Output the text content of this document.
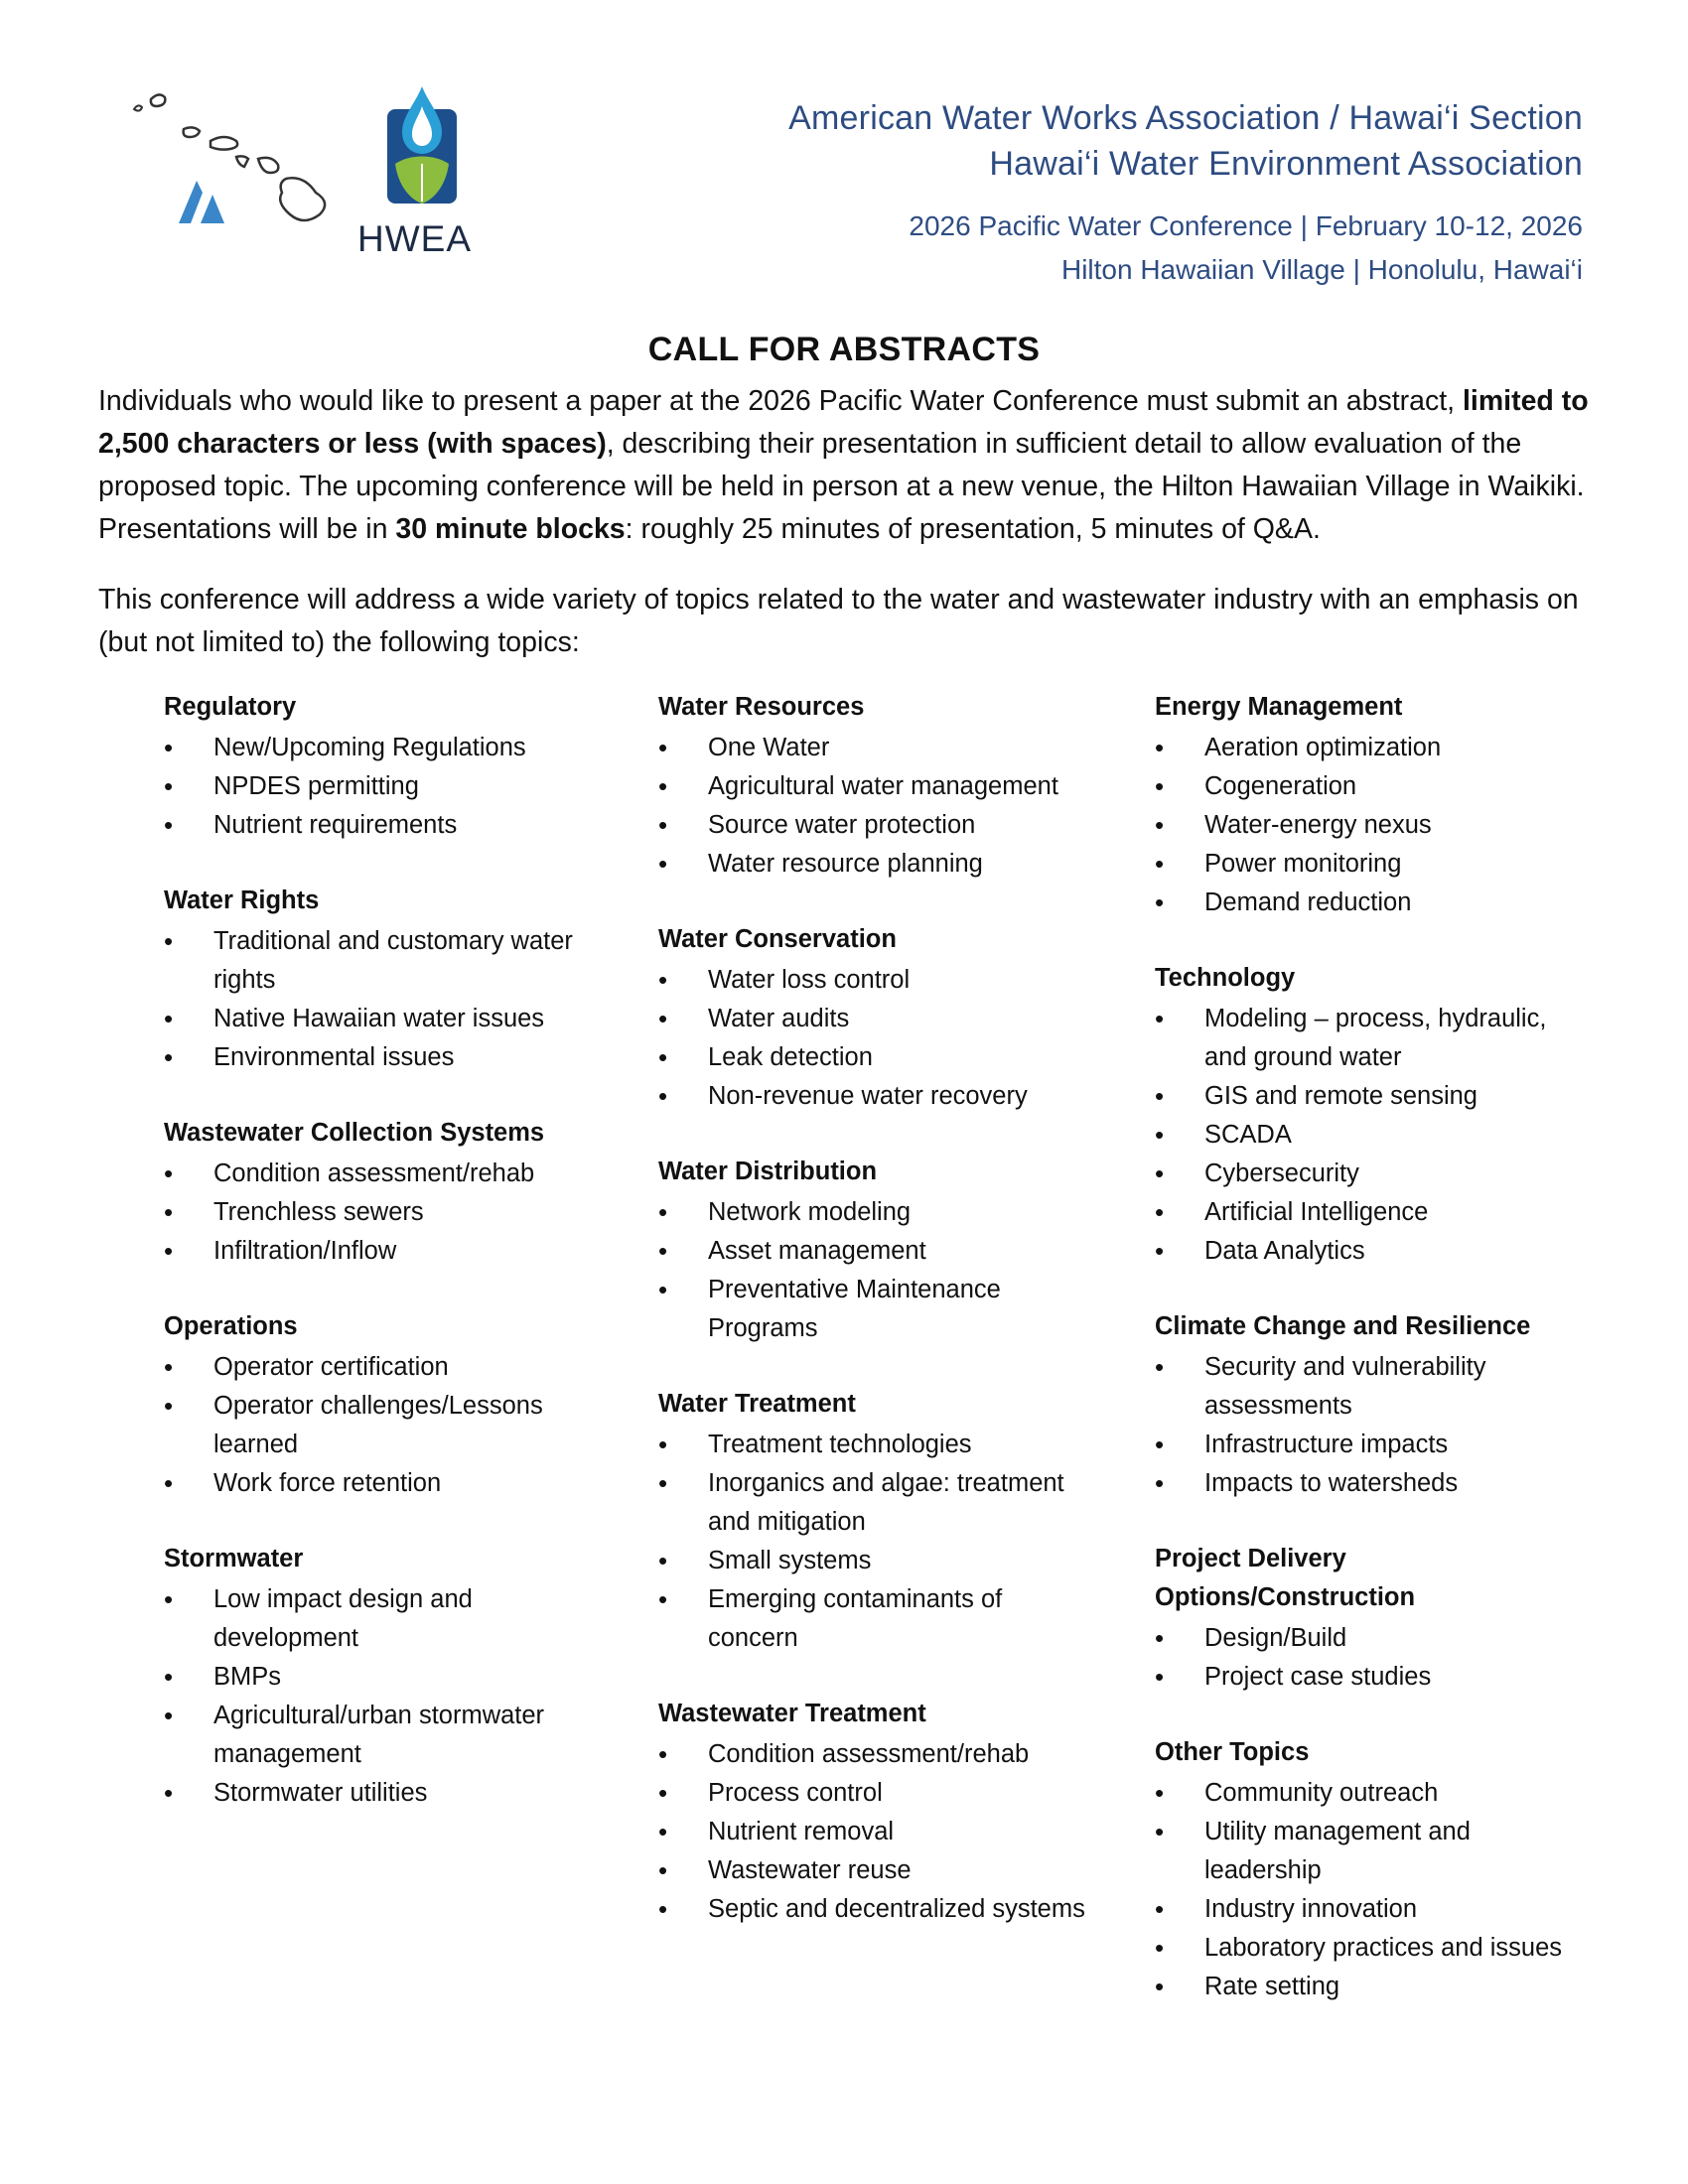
HWEA
American Water Works Association / Hawai‘i Section
Hawai‘i Water Environment Association
2026 Pacific Water Conference | February 10-12, 2026
Hilton Hawaiian Village | Honolulu, Hawai‘i
CALL FOR ABSTRACTS

Individuals who would like to present a paper at the 2026 Pacific Water Conference must submit an abstract, limited to 2,500 characters or less (with spaces), describing their presentation in sufficient detail to allow evaluation of the proposed topic. The upcoming conference will be held in person at a new venue, the Hilton Hawaiian Village in Waikiki. Presentations will be in 30 minute blocks: roughly 25 minutes of presentation, 5 minutes of Q&A.

This conference will address a wide variety of topics related to the water and wastewater industry with an emphasis on (but not limited to) the following topics:

Regulatory
• New/Upcoming Regulations
• NPDES permitting
• Nutrient requirements
Water Rights
• Traditional and customary water rights
• Native Hawaiian water issues
• Environmental issues
Wastewater Collection Systems
• Condition assessment/rehab
• Trenchless sewers
• Infiltration/Inflow
Operations
• Operator certification
• Operator challenges/Lessons learned
• Work force retention
Stormwater
• Low impact design and development
• BMPs
• Agricultural/urban stormwater management
• Stormwater utilities
Water Resources
• One Water
• Agricultural water management
• Source water protection
• Water resource planning
Water Conservation
• Water loss control
• Water audits
• Leak detection
• Non-revenue water recovery
Water Distribution
• Network modeling
• Asset management
• Preventative Maintenance Programs
Water Treatment
• Treatment technologies
• Inorganics and algae: treatment and mitigation
• Small systems
• Emerging contaminants of concern
Wastewater Treatment
• Condition assessment/rehab
• Process control
• Nutrient removal
• Wastewater reuse
• Septic and decentralized systems
Energy Management
• Aeration optimization
• Cogeneration
• Water-energy nexus
• Power monitoring
• Demand reduction
Technology
• Modeling – process, hydraulic, and ground water
• GIS and remote sensing
• SCADA
• Cybersecurity
• Artificial Intelligence
• Data Analytics
Climate Change and Resilience
• Security and vulnerability assessments
• Infrastructure impacts
• Impacts to watersheds
Project Delivery Options/Construction
• Design/Build
• Project case studies
Other Topics
• Community outreach
• Utility management and leadership
• Industry innovation
• Laboratory practices and issues
• Rate setting
